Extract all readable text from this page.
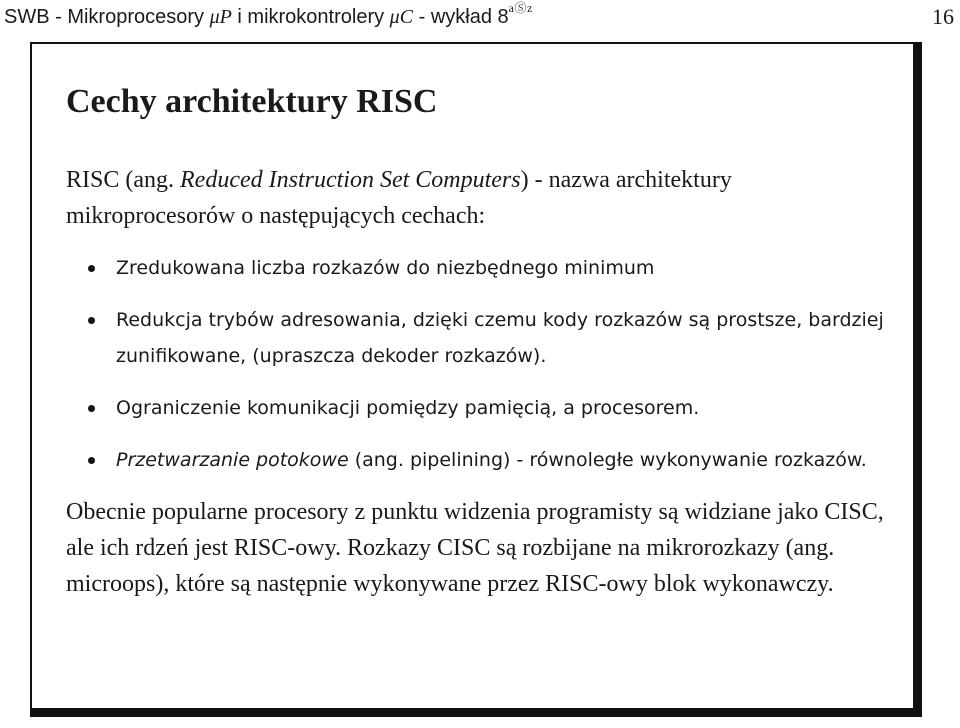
SWB - Mikroprocesory μP i mikrokontrolery μC - wykład $8^{aⓈz}$	16
Cechy architektury RISC

RISC (ang. Reduced Instruction Set Computers) - nazwa architektury mikroprocesorów o następujących cechach:

Zredukowana liczba rozkazów do niezbędnego minimum
Redukcja trybów adresowania, dzięki czemu kody rozkazów są prostsze, bardziej zunifikowane, (upraszcza dekoder rozkazów).
Ograniczenie komunikacji pomiędzy pamięcią, a procesorem.
Przetwarzanie potokowe (ang. pipelining) - równoległe wykonywanie rozkazów.

Obecnie popularne procesory z punktu widzenia programisty są widziane jako CISC, ale ich rdzeń jest RISC-owy. Rozkazy CISC są rozbijane na mikrorozkazy (ang. microops), które są następnie wykonywane przez RISC-owy blok wykonawczy.
